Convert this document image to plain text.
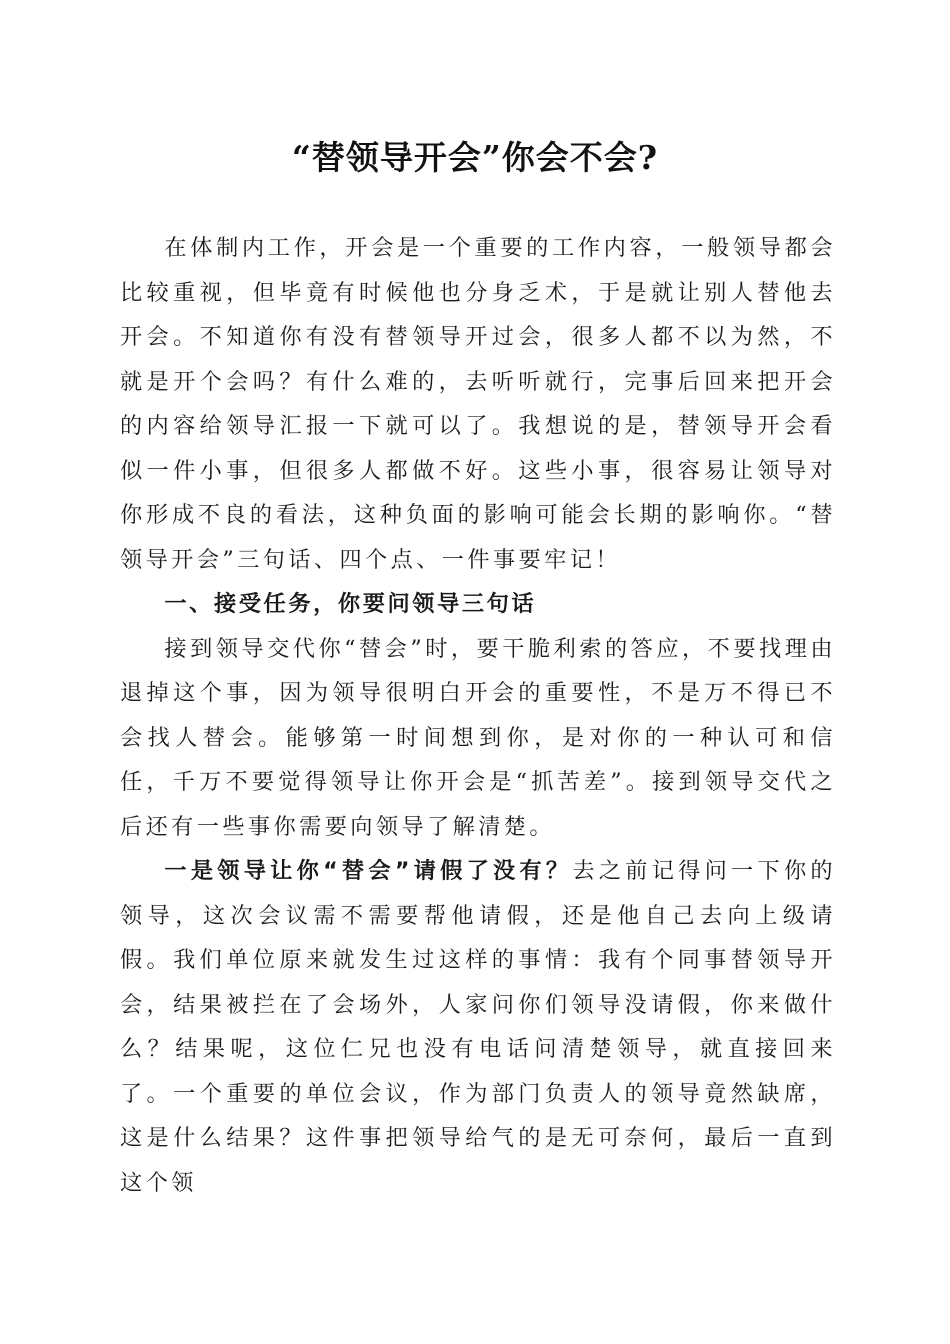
“替领导开会”你会不会?

在体制内工作，开会是一个重要的工作内容，一般领导都会比较重视，但毕竟有时候他也分身乏术，于是就让别人替他去开会。不知道你有没有替领导开过会，很多人都不以为然，不就是开个会吗？有什么难的，去听听就行，完事后回来把开会的内容给领导汇报一下就可以了。我想说的是，替领导开会看似一件小事，但很多人都做不好。这些小事，很容易让领导对你形成不良的看法，这种负面的影响可能会长期的影响你。“替领导开会”三句话、四个点、一件事要牢记！

一、接受任务，你要问领导三句话

接到领导交代你“替会”时，要干脆利索的答应，不要找理由退掉这个事，因为领导很明白开会的重要性，不是万不得已不会找人替会。能够第一时间想到你，是对你的一种认可和信任，千万不要觉得领导让你开会是“抓苦差”。接到领导交代之后还有一些事你需要向领导了解清楚。

一是领导让你“替会”请假了没有？去之前记得问一下你的领导，这次会议需不需要帮他请假，还是他自己去向上级请假。我们单位原来就发生过这样的事情：我有个同事替领导开会，结果被拦在了会场外，人家问你们领导没请假，你来做什么？结果呢，这位仁兄也没有电话问清楚领导，就直接回来了。一个重要的单位会议，作为部门负责人的领导竟然缺席，这是什么结果？这件事把领导给气的是无可奈何，最后一直到这个领
